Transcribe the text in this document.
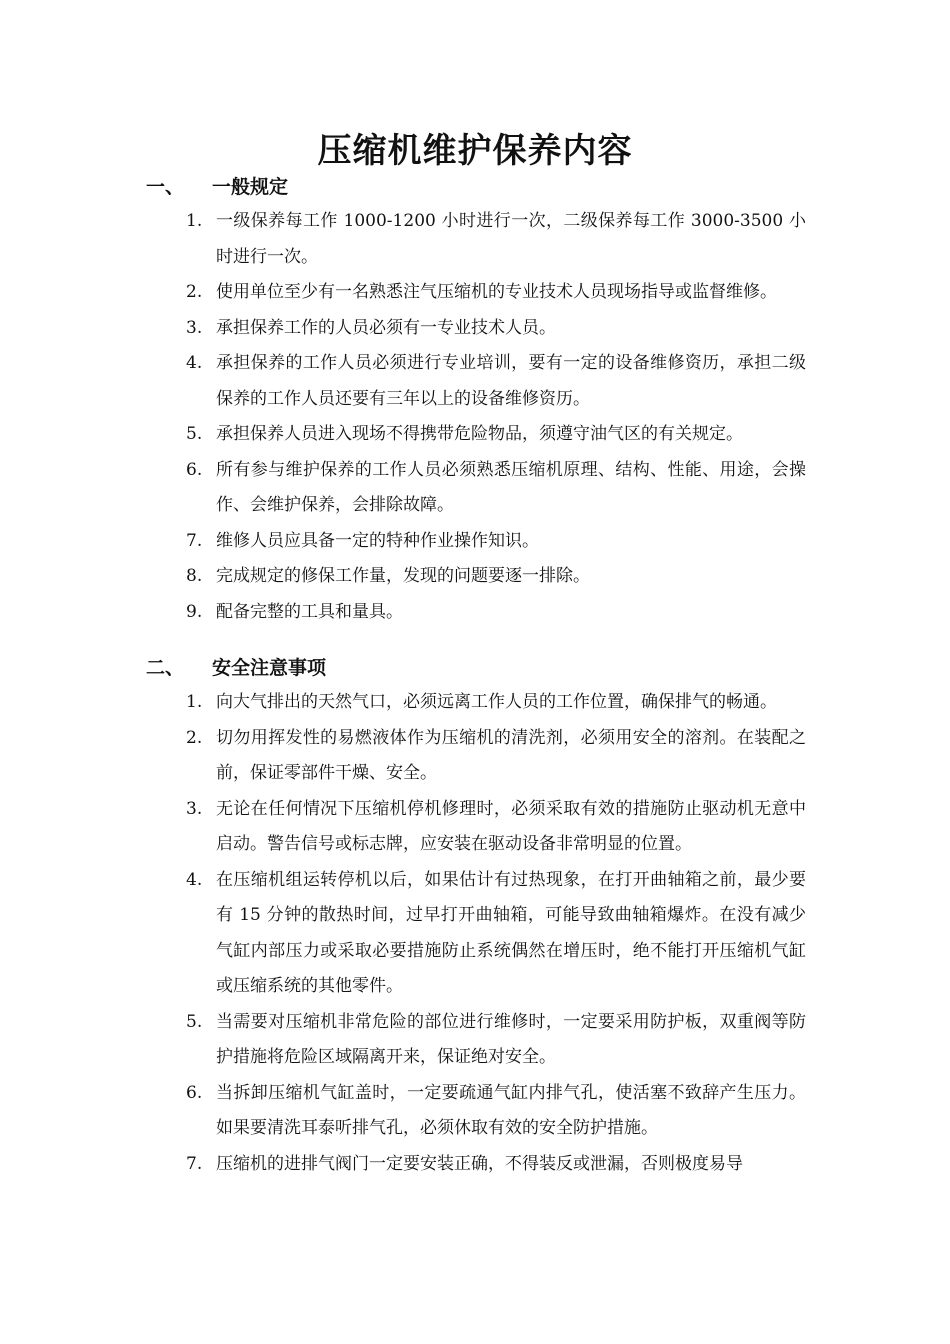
压缩机维护保养内容
一、 一般规定
1. 一级保养每工作 1000-1200 小时进行一次，二级保养每工作 3000-3500 小时进行一次。
2. 使用单位至少有一名熟悉注气压缩机的专业技术人员现场指导或监督维修。
3. 承担保养工作的人员必须有一专业技术人员。
4. 承担保养的工作人员必须进行专业培训，要有一定的设备维修资历，承担二级保养的工作人员还要有三年以上的设备维修资历。
5. 承担保养人员进入现场不得携带危险物品，须遵守油气区的有关规定。
6. 所有参与维护保养的工作人员必须熟悉压缩机原理、结构、性能、用途，会操作、会维护保养，会排除故障。
7. 维修人员应具备一定的特种作业操作知识。
8. 完成规定的修保工作量，发现的问题要逐一排除。
9. 配备完整的工具和量具。
二、 安全注意事项
1. 向大气排出的天然气口，必须远离工作人员的工作位置，确保排气的畅通。
2. 切勿用挥发性的易燃液体作为压缩机的清洗剂，必须用安全的溶剂。在装配之前，保证零部件干燥、安全。
3. 无论在任何情况下压缩机停机修理时，必须采取有效的措施防止驱动机无意中启动。警告信号或标志牌，应安装在驱动设备非常明显的位置。
4. 在压缩机组运转停机以后，如果估计有过热现象，在打开曲轴箱之前，最少要有 15 分钟的散热时间，过早打开曲轴箱，可能导致曲轴箱爆炸。在没有减少气缸内部压力或采取必要措施防止系统偶然在增压时，绝不能打开压缩机气缸或压缩系统的其他零件。
5. 当需要对压缩机非常危险的部位进行维修时，一定要采用防护板，双重阀等防护措施将危险区域隔离开来，保证绝对安全。
6. 当拆卸压缩机气缸盖时，一定要疏通气缸内排气孔，使活塞不致辞产生压力。如果要清洗耳泰听排气孔，必须休取有效的安全防护措施。
7. 压缩机的进排气阀门一定要安装正确，不得装反或泄漏，否则极度易导
